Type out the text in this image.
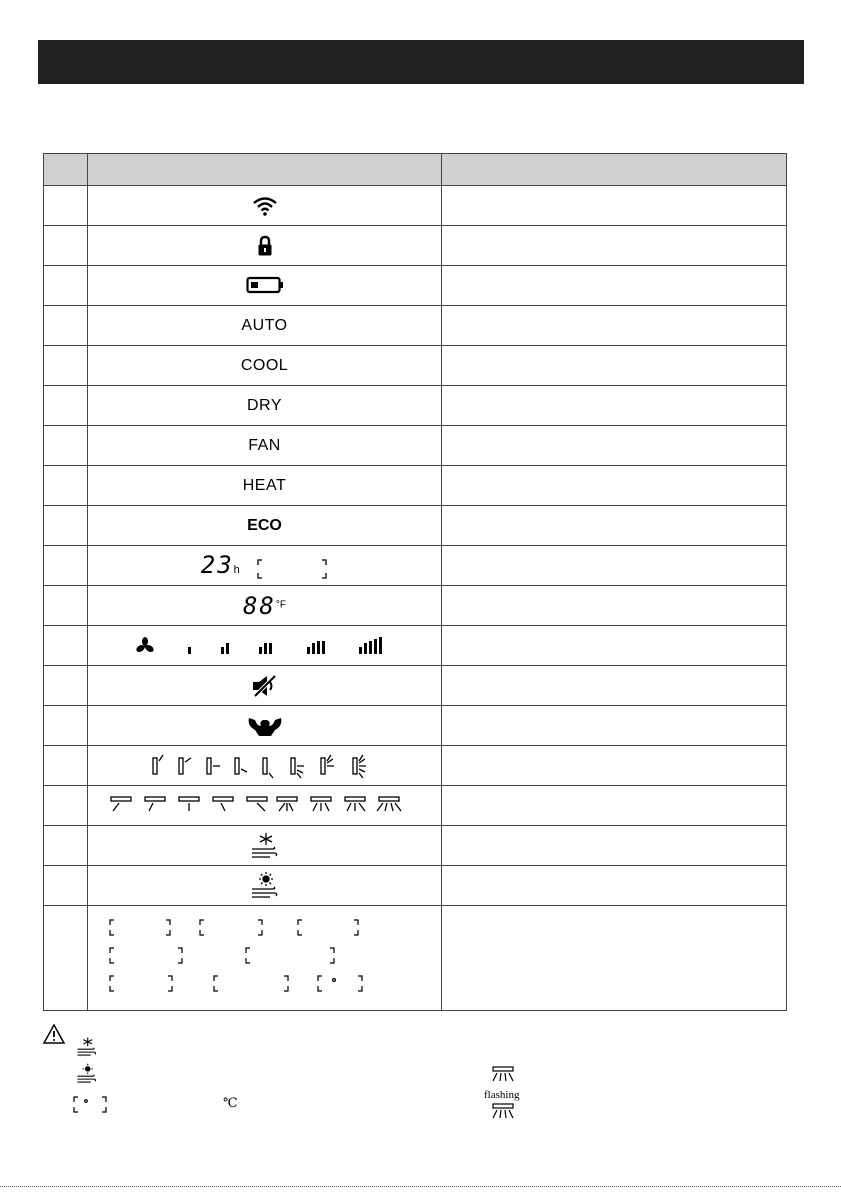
	AUTO	
	COOL	
	DRY	
	FAN	
	HEAT	
	ECO	
	23h	
	$88^{^\circ F}$	

℃
flashing
